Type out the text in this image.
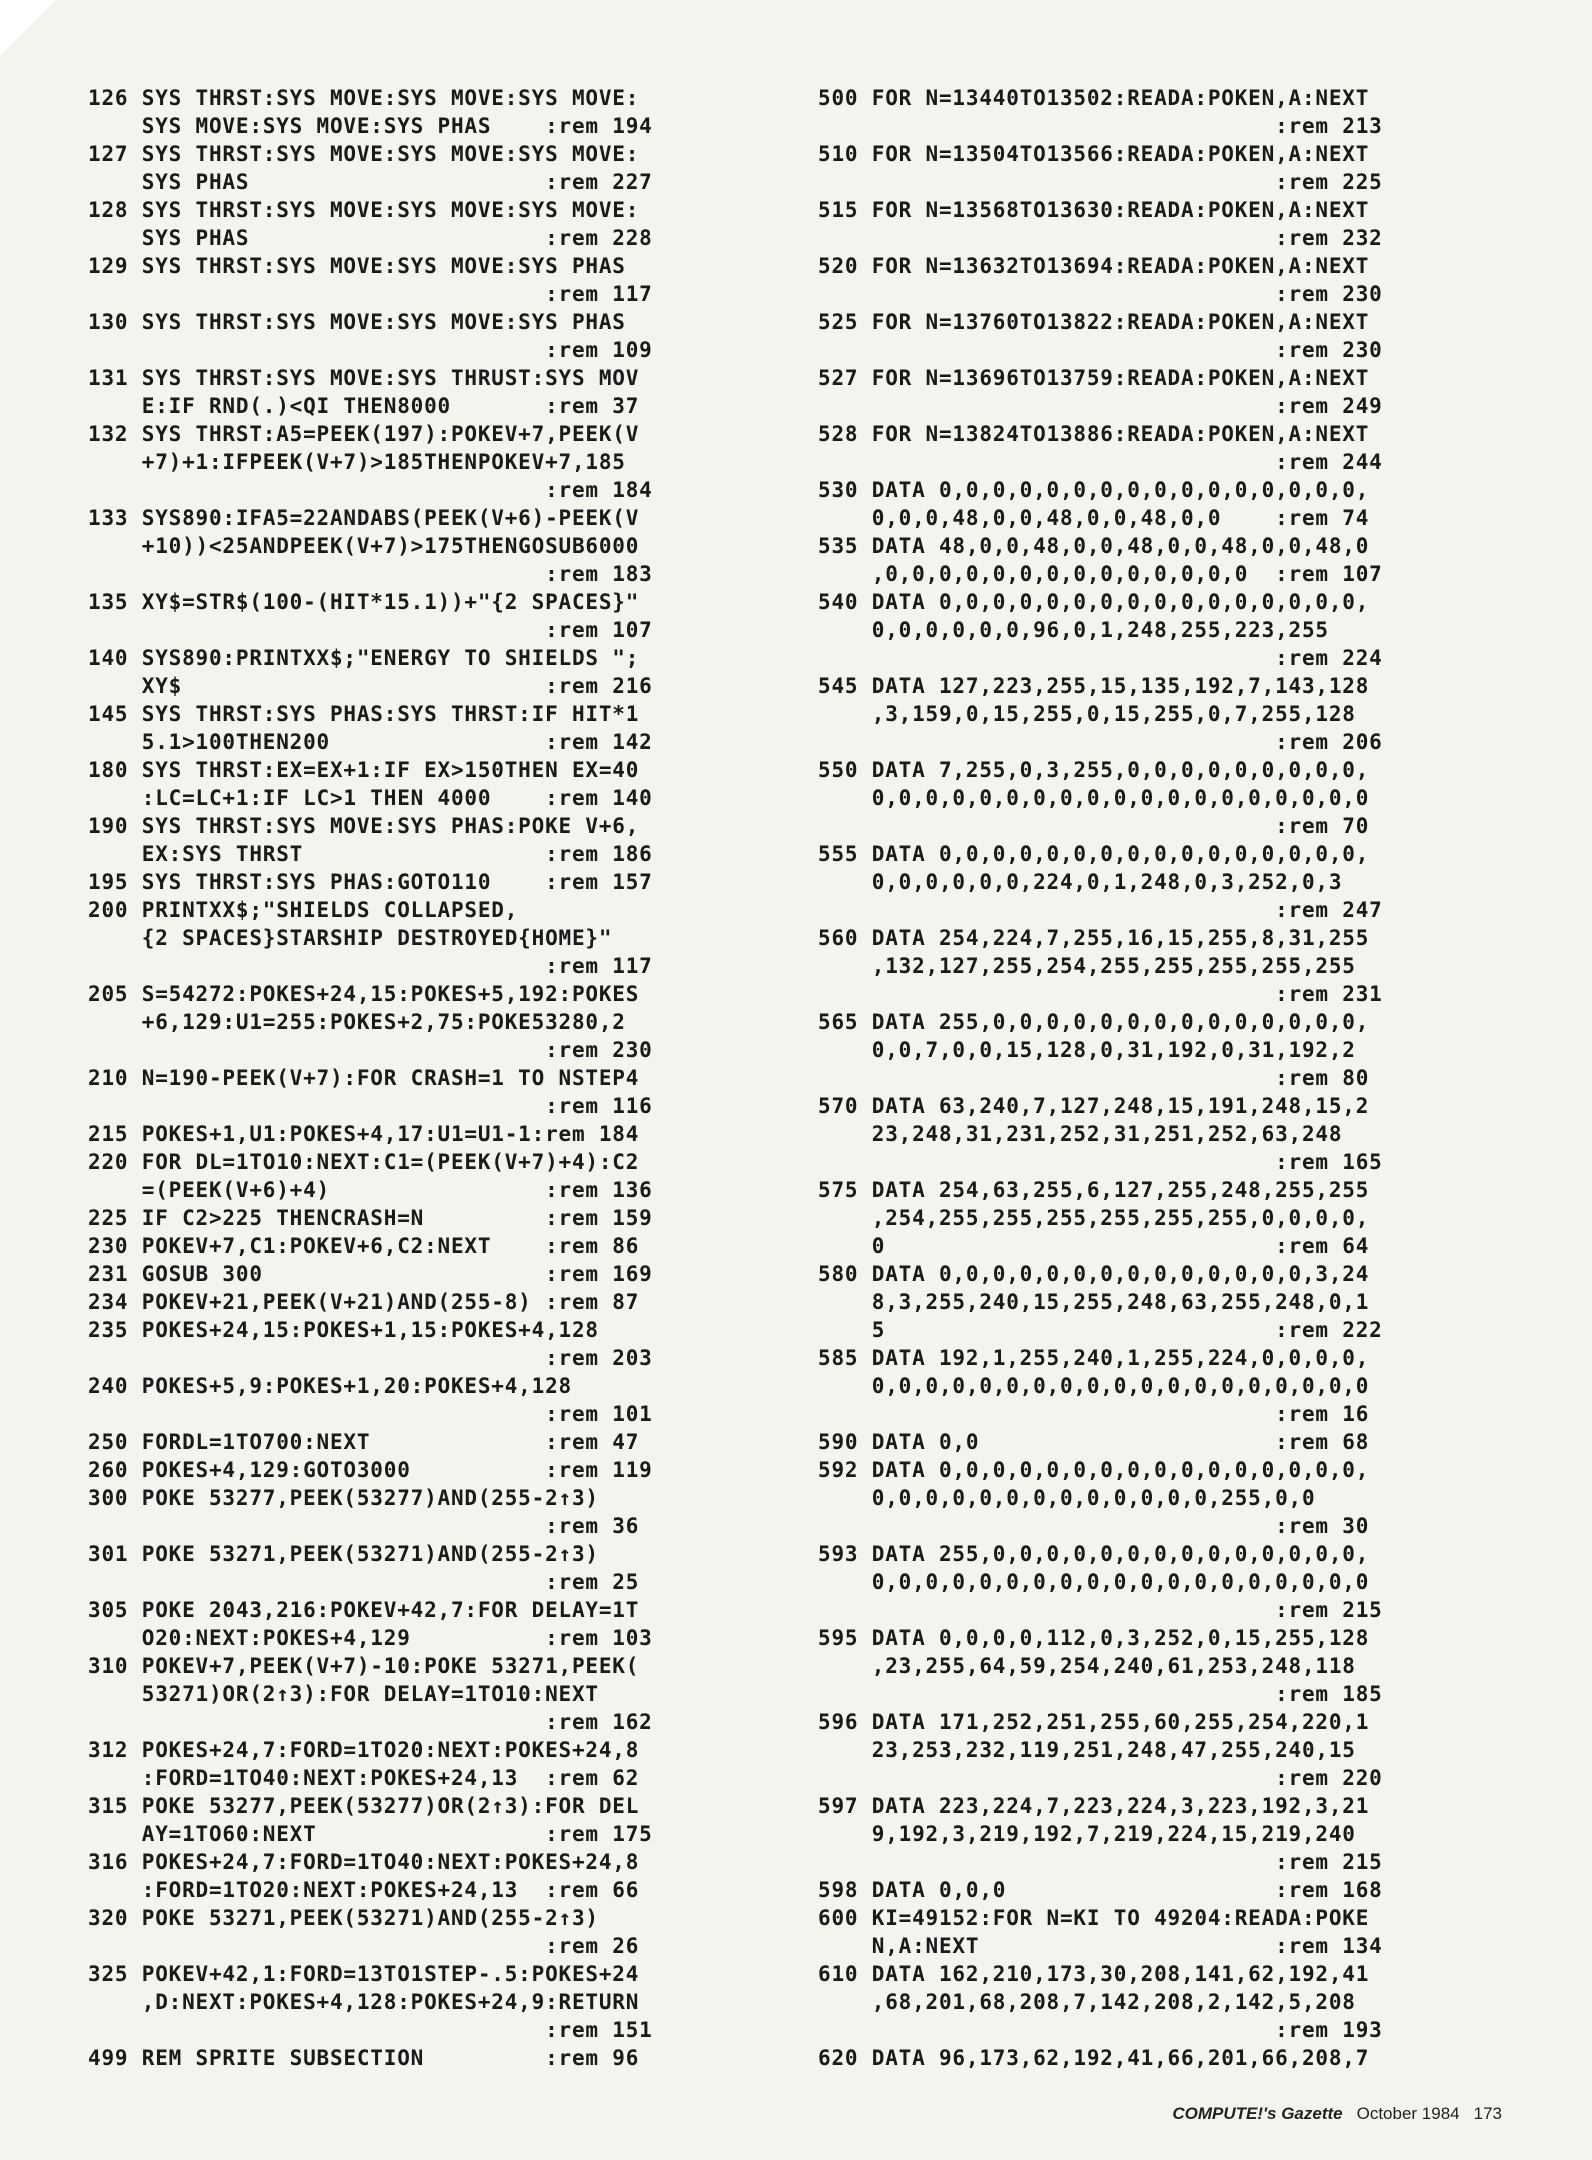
126 SYS THRST:SYS MOVE:SYS MOVE:SYS MOVE:
SYS MOVE:SYS MOVE:SYS PHAS    :rem 194
127 SYS THRST:SYS MOVE:SYS MOVE:SYS MOVE:
SYS PHAS                      :rem 227
128 SYS THRST:SYS MOVE:SYS MOVE:SYS MOVE:
SYS PHAS                      :rem 228
129 SYS THRST:SYS MOVE:SYS MOVE:SYS PHAS
:rem 117
130 SYS THRST:SYS MOVE:SYS MOVE:SYS PHAS
:rem 109
131 SYS THRST:SYS MOVE:SYS THRUST:SYS MOV
E:IF RND(.)<QI THEN8000       :rem 37
132 SYS THRST:A5=PEEK(197):POKEV+7,PEEK(V
+7)+1:IFPEEK(V+7)>185THENPOKEV+7,185
:rem 184
133 SYS890:IFA5=22ANDABS(PEEK(V+6)-PEEK(V
+10))<25ANDPEEK(V+7)>175THENGOSUB6000
:rem 183
135 XY$=STR$(100-(HIT*15.1))+"{2 SPACES}"
:rem 107
140 SYS890:PRINTXX$;"ENERGY TO SHIELDS ";
XY$                           :rem 216
145 SYS THRST:SYS PHAS:SYS THRST:IF HIT*1
5.1>100THEN200                :rem 142
180 SYS THRST:EX=EX+1:IF EX>150THEN EX=40
:LC=LC+1:IF LC>1 THEN 4000    :rem 140
190 SYS THRST:SYS MOVE:SYS PHAS:POKE V+6,
EX:SYS THRST                  :rem 186
195 SYS THRST:SYS PHAS:GOTO110    :rem 157
200 PRINTXX$;"SHIELDS COLLAPSED,
{2 SPACES}STARSHIP DESTROYED{HOME}"
:rem 117
205 S=54272:POKES+24,15:POKES+5,192:POKES
+6,129:U1=255:POKES+2,75:POKE53280,2
:rem 230
210 N=190-PEEK(V+7):FOR CRASH=1 TO NSTEP4
:rem 116
215 POKES+1,U1:POKES+4,17:U1=U1-1:rem 184
220 FOR DL=1TO10:NEXT:C1=(PEEK(V+7)+4):C2
=(PEEK(V+6)+4)                :rem 136
225 IF C2>225 THENCRASH=N         :rem 159
230 POKEV+7,C1:POKEV+6,C2:NEXT    :rem 86
231 GOSUB 300                     :rem 169
234 POKEV+21,PEEK(V+21)AND(255-8) :rem 87
235 POKES+24,15:POKES+1,15:POKES+4,128
:rem 203
240 POKES+5,9:POKES+1,20:POKES+4,128
:rem 101
250 FORDL=1TO700:NEXT             :rem 47
260 POKES+4,129:GOTO3000          :rem 119
300 POKE 53277,PEEK(53277)AND(255-2↑3)
:rem 36
301 POKE 53271,PEEK(53271)AND(255-2↑3)
:rem 25
305 POKE 2043,216:POKEV+42,7:FOR DELAY=1T
O20:NEXT:POKES+4,129          :rem 103
310 POKEV+7,PEEK(V+7)-10:POKE 53271,PEEK(
53271)OR(2↑3):FOR DELAY=1TO10:NEXT
:rem 162
312 POKES+24,7:FORD=1TO20:NEXT:POKES+24,8
:FORD=1TO40:NEXT:POKES+24,13  :rem 62
315 POKE 53277,PEEK(53277)OR(2↑3):FOR DEL
AY=1TO60:NEXT                 :rem 175
316 POKES+24,7:FORD=1TO40:NEXT:POKES+24,8
:FORD=1TO20:NEXT:POKES+24,13  :rem 66
320 POKE 53271,PEEK(53271)AND(255-2↑3)
:rem 26
325 POKEV+42,1:FORD=13TO1STEP-.5:POKES+24
,D:NEXT:POKES+4,128:POKES+24,9:RETURN
:rem 151
499 REM SPRITE SUBSECTION         :rem 96
500 FOR N=13440TO13502:READA:POKEN,A:NEXT
:rem 213
510 FOR N=13504TO13566:READA:POKEN,A:NEXT
:rem 225
515 FOR N=13568TO13630:READA:POKEN,A:NEXT
:rem 232
520 FOR N=13632TO13694:READA:POKEN,A:NEXT
:rem 230
525 FOR N=13760TO13822:READA:POKEN,A:NEXT
:rem 230
527 FOR N=13696TO13759:READA:POKEN,A:NEXT
:rem 249
528 FOR N=13824TO13886:READA:POKEN,A:NEXT
:rem 244
530 DATA 0,0,0,0,0,0,0,0,0,0,0,0,0,0,0,0,
0,0,0,48,0,0,48,0,0,48,0,0    :rem 74
535 DATA 48,0,0,48,0,0,48,0,0,48,0,0,48,0
,0,0,0,0,0,0,0,0,0,0,0,0,0,0  :rem 107
540 DATA 0,0,0,0,0,0,0,0,0,0,0,0,0,0,0,0,
0,0,0,0,0,0,96,0,1,248,255,223,255
:rem 224
545 DATA 127,223,255,15,135,192,7,143,128
,3,159,0,15,255,0,15,255,0,7,255,128
:rem 206
550 DATA 7,255,0,3,255,0,0,0,0,0,0,0,0,0,
0,0,0,0,0,0,0,0,0,0,0,0,0,0,0,0,0,0,0
:rem 70
555 DATA 0,0,0,0,0,0,0,0,0,0,0,0,0,0,0,0,
0,0,0,0,0,0,224,0,1,248,0,3,252,0,3
:rem 247
560 DATA 254,224,7,255,16,15,255,8,31,255
,132,127,255,254,255,255,255,255,255
:rem 231
565 DATA 255,0,0,0,0,0,0,0,0,0,0,0,0,0,0,
0,0,7,0,0,15,128,0,31,192,0,31,192,2
:rem 80
570 DATA 63,240,7,127,248,15,191,248,15,2
23,248,31,231,252,31,251,252,63,248
:rem 165
575 DATA 254,63,255,6,127,255,248,255,255
,254,255,255,255,255,255,255,0,0,0,0,
0                             :rem 64
580 DATA 0,0,0,0,0,0,0,0,0,0,0,0,0,0,3,24
8,3,255,240,15,255,248,63,255,248,0,1
5                             :rem 222
585 DATA 192,1,255,240,1,255,224,0,0,0,0,
0,0,0,0,0,0,0,0,0,0,0,0,0,0,0,0,0,0,0
:rem 16
590 DATA 0,0                      :rem 68
592 DATA 0,0,0,0,0,0,0,0,0,0,0,0,0,0,0,0,
0,0,0,0,0,0,0,0,0,0,0,0,0,255,0,0
:rem 30
593 DATA 255,0,0,0,0,0,0,0,0,0,0,0,0,0,0,
0,0,0,0,0,0,0,0,0,0,0,0,0,0,0,0,0,0,0
:rem 215
595 DATA 0,0,0,0,112,0,3,252,0,15,255,128
,23,255,64,59,254,240,61,253,248,118
:rem 185
596 DATA 171,252,251,255,60,255,254,220,1
23,253,232,119,251,248,47,255,240,15
:rem 220
597 DATA 223,224,7,223,224,3,223,192,3,21
9,192,3,219,192,7,219,224,15,219,240
:rem 215
598 DATA 0,0,0                    :rem 168
600 KI=49152:FOR N=KI TO 49204:READA:POKE
N,A:NEXT                      :rem 134
610 DATA 162,210,173,30,208,141,62,192,41
,68,201,68,208,7,142,208,2,142,5,208
:rem 193
620 DATA 96,173,62,192,41,66,201,66,208,7
COMPUTE!'s Gazette October 1984 173
